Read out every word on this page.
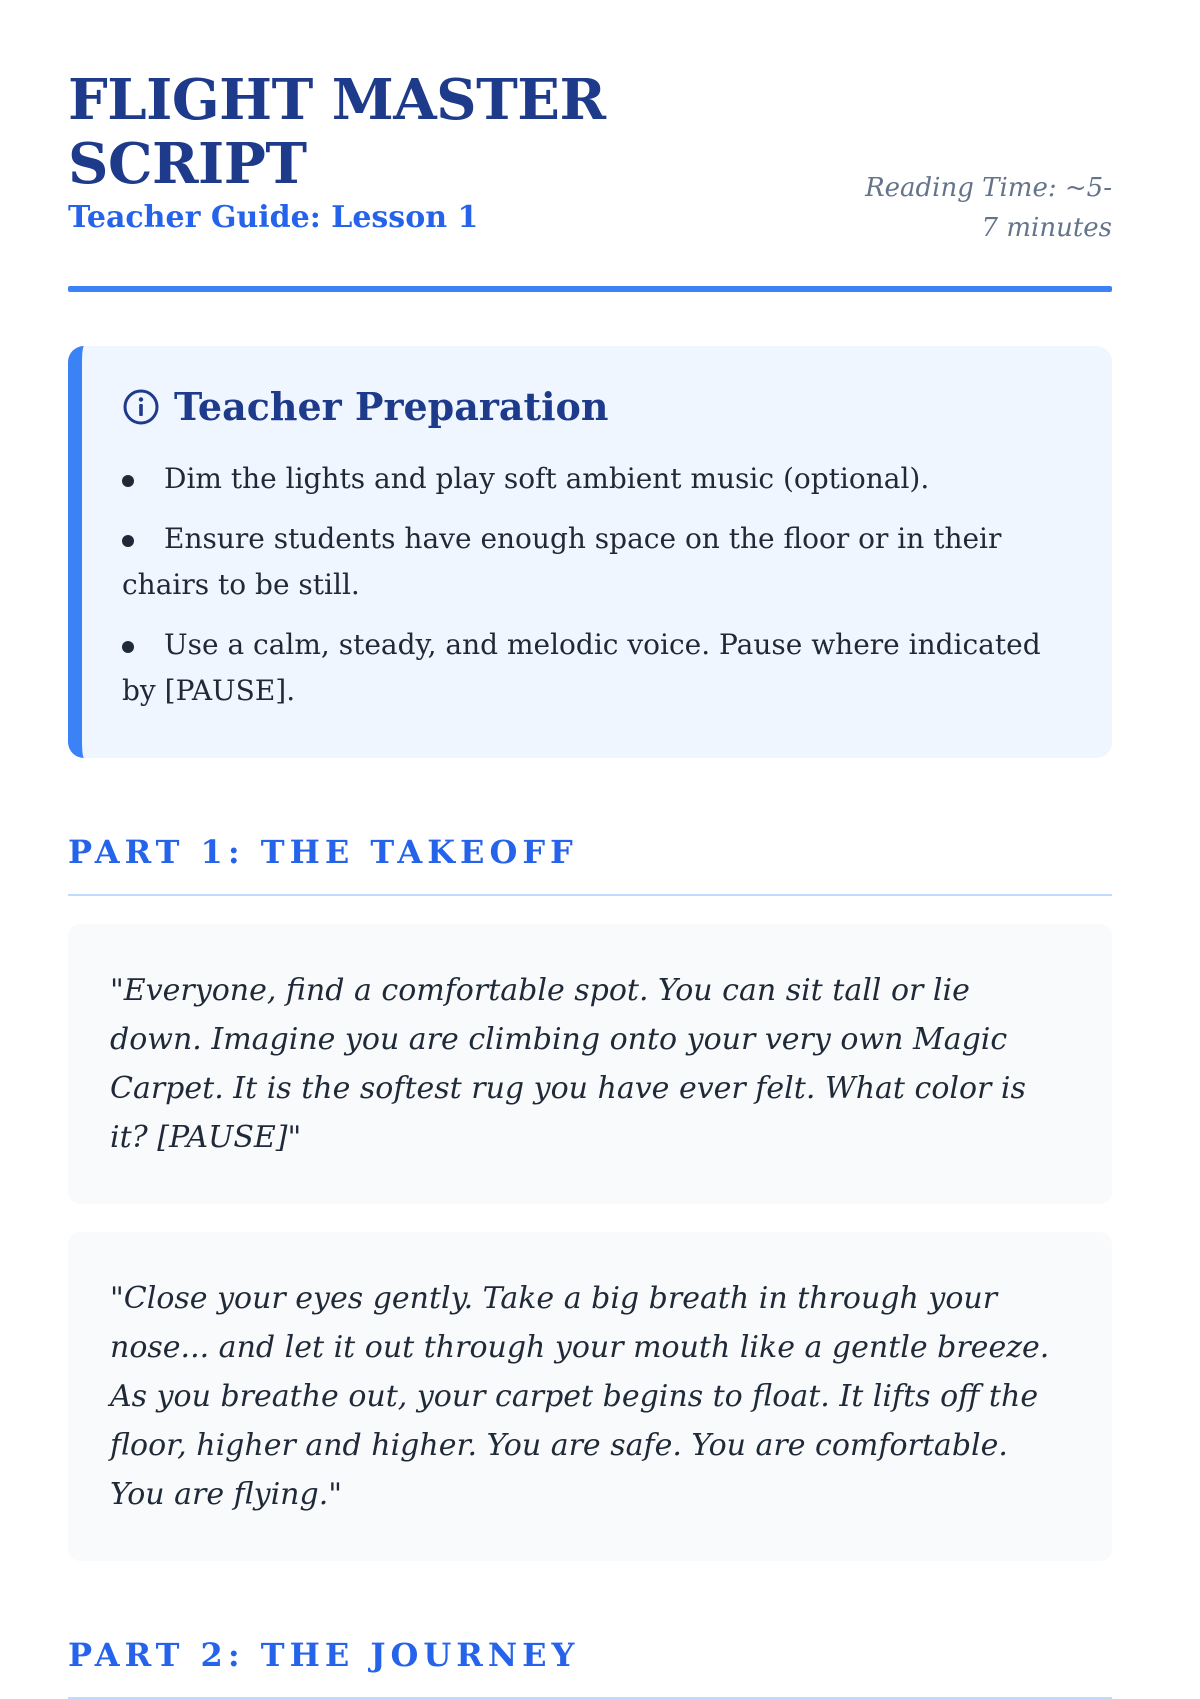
FLIGHT MASTER SCRIPT
Teacher Guide: Lesson 1
Reading Time: ~5-7 minutes
Teacher Preparation
Dim the lights and play soft ambient music (optional).
Ensure students have enough space on the floor or in their chairs to be still.
Use a calm, steady, and melodic voice. Pause where indicated by [PAUSE].
PART 1: THE TAKEOFF
"Everyone, find a comfortable spot. You can sit tall or lie down. Imagine you are climbing onto your very own Magic Carpet. It is the softest rug you have ever felt. What color is it? [PAUSE]"
"Close your eyes gently. Take a big breath in through your nose... and let it out through your mouth like a gentle breeze. As you breathe out, your carpet begins to float. It lifts off the floor, higher and higher. You are safe. You are comfortable. You are flying."
PART 2: THE JOURNEY
